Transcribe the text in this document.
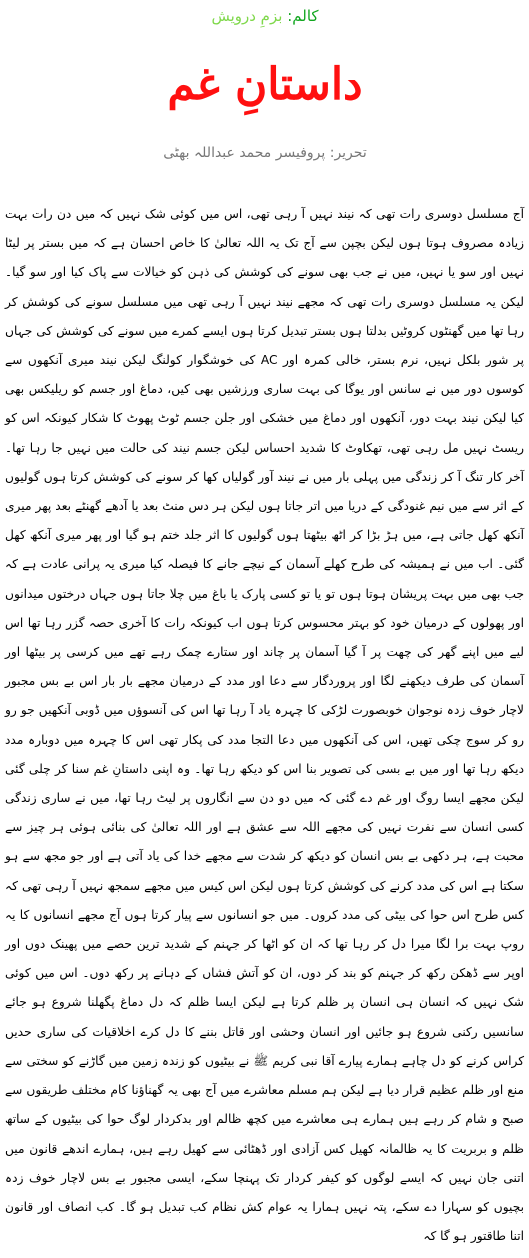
کالم: بزمِ درویش
داستانِ غم
تحریر: پروفیسر محمد عبداللہ بھٹی

آج مسلسل دوسری رات تھی کہ نیند نہیں آ رہی تھی، اس میں کوئی شک نہیں کہ میں دن رات بہت زیادہ مصروف ہوتا ہوں لیکن بچپن سے آج تک یہ اللہ تعالیٰ کا خاص احسان ہے کہ میں بستر پر لیٹا نہیں اور سو یا نہیں، میں نے جب بھی سونے کی کوشش کی ذہن کو خیالات سے پاک کیا اور سو گیا۔ لیکن یہ مسلسل دوسری رات تھی کہ مجھے نیند نہیں آ رہی تھی میں مسلسل سونے کی کوشش کر رہا تھا میں گھنٹوں کروٹیں بدلتا ہوں بستر تبدیل کرتا ہوں ایسے کمرے میں سونے کی کوشش کی جہاں پر شور بلکل نہیں، نرم بستر، خالی کمرہ اور AC کی خوشگوار کولنگ لیکن نیند میری آنکھوں سے کوسوں دور میں نے سانس اور یوگا کی بہت ساری ورزشیں بھی کیں، دماغ اور جسم کو ریلیکس بھی کیا لیکن نیند بہت دور، آنکھوں اور دماغ میں خشکی اور جلن جسم ٹوٹ پھوٹ کا شکار کیونکہ اس کو ریسٹ نہیں مل رہی تھی، تھکاوٹ کا شدید احساس لیکن جسم نیند کی حالت میں نہیں جا رہا تھا۔ آخر کار تنگ آ کر زندگی میں پہلی بار میں نے نیند آور گولیاں کھا کر سونے کی کوشش کرتا ہوں گولیوں کے اثر سے میں نیم غنودگی کے دریا میں اتر جاتا ہوں لیکن ہر دس منٹ بعد یا آدھے گھنٹے بعد پھر میری آنکھ کھل جاتی ہے، میں ہڑ بڑا کر اٹھ بیٹھتا ہوں گولیوں کا اثر جلد ختم ہو گیا اور پھر میری آنکھ کھل گئی۔ اب میں نے ہمیشہ کی طرح کھلے آسمان کے نیچے جانے کا فیصلہ کیا میری یہ پرانی عادت ہے کہ جب بھی میں بہت پریشان ہوتا ہوں تو یا تو کسی پارک یا باغ میں چلا جاتا ہوں جہاں درختوں میدانوں اور پھولوں کے درمیان خود کو بہتر محسوس کرتا ہوں اب کیونکہ رات کا آخری حصہ گزر رہا تھا اس لیے میں اپنے گھر کی چھت پر آ گیا آسمان پر چاند اور ستارے چمک رہے تھے میں کرسی پر بیٹھا اور آسمان کی طرف دیکھنے لگا اور پروردگار سے دعا اور مدد کے درمیان مجھے بار بار اس بے بس مجبور لاچار خوف زدہ نوجوان خوبصورت لڑکی کا چہرہ یاد آ رہا تھا اس کی آنسوؤں میں ڈوبی آنکھیں جو رو رو کر سوج چکی تھیں، اس کی آنکھوں میں دعا التجا مدد کی پکار تھی اس کا چہرہ میں دوبارہ مدد دیکھ رہا تھا اور میں بے بسی کی تصویر بنا اس کو دیکھ رہا تھا۔ وہ اپنی داستانِ غم سنا کر چلی گئی لیکن مجھے ایسا روگ اور غم دے گئی کہ میں دو دن سے انگاروں پر لیٹ رہا تھا، میں نے ساری زندگی کسی انسان سے نفرت نہیں کی مجھے اللہ سے عشق ہے اور اللہ تعالیٰ کی بنائی ہوئی ہر چیز سے محبت ہے، ہر دکھی بے بس انسان کو دیکھ کر شدت سے مجھے خدا کی یاد آتی ہے اور جو مجھ سے ہو سکتا ہے اس کی مدد کرنے کی کوشش کرتا ہوں لیکن اس کیس میں مجھے سمجھ نہیں آ رہی تھی کہ کس طرح اس حوا کی بیٹی کی مدد کروں۔ میں جو انسانوں سے پیار کرتا ہوں آج مجھے انسانوں کا یہ روپ بہت برا لگا میرا دل کر رہا تھا کہ ان کو اٹھا کر جہنم کے شدید ترین حصے میں پھینک دوں اور اوپر سے ڈھکن رکھ کر جہنم کو بند کر دوں، ان کو آتش فشاں کے دہانے پر رکھ دوں۔ اس میں کوئی شک نہیں کہ انسان ہی انسان پر ظلم کرتا ہے لیکن ایسا ظلم کہ دل دماغ پگھلنا شروع ہو جائے سانسیں رکنی شروع ہو جائیں اور انسان وحشی اور قاتل بننے کا دل کرے اخلاقیات کی ساری حدیں کراس کرنے کو دل چاہے ہمارے پیارے آقا نبی کریم ﷺ نے بیٹیوں کو زندہ زمین میں گاڑنے کو سختی سے منع اور ظلم عظیم قرار دیا ہے لیکن ہم مسلم معاشرے میں آج بھی یہ گھناؤنا کام مختلف طریقوں سے صبح و شام کر رہے ہیں ہمارے ہی معاشرے میں کچھ ظالم اور بدکردار لوگ حوا کی بیٹیوں کے ساتھ ظلم و بربریت کا یہ ظالمانہ کھیل کس آزادی اور ڈھٹائی سے کھیل رہے ہیں، ہمارے اندھے قانون میں اتنی جان نہیں کہ ایسے لوگوں کو کیفر کردار تک پہنچا سکے، ایسی مجبور بے بس لاچار خوف زدہ بچیوں کو سہارا دے سکے، پتہ نہیں ہمارا یہ عوام کش نظام کب تبدیل ہو گا۔ کب انصاف اور قانون اتنا طاقتور ہو گا کہ
